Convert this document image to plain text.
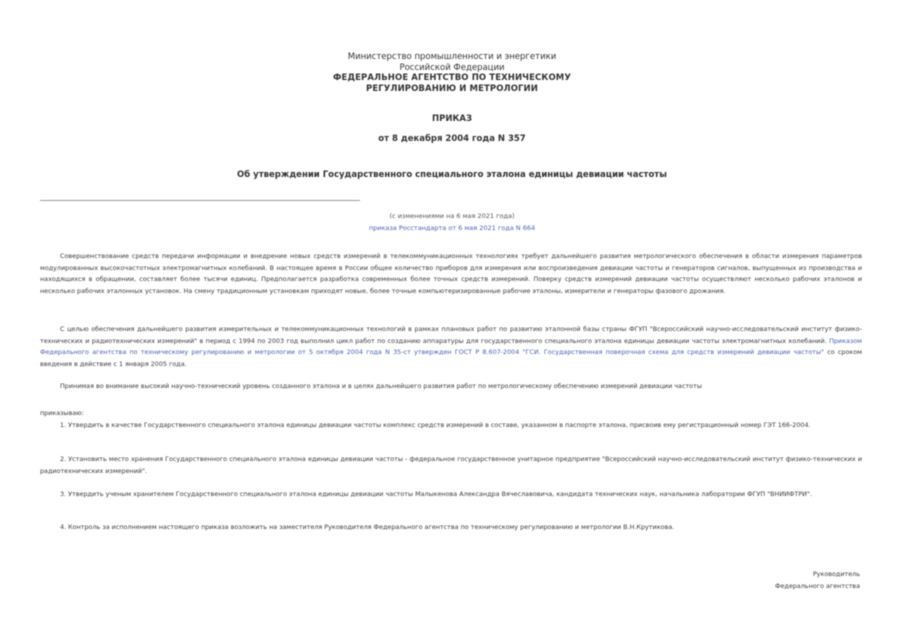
Министерство промышленности и энергетики
Российской Федерации
ФЕДЕРАЛЬНОЕ АГЕНТСТВО ПО ТЕХНИЧЕСКОМУ
РЕГУЛИРОВАНИЮ И МЕТРОЛОГИИ
ПРИКАЗ
от 8 декабря 2004 года N 357
Об утверждении Государственного специального эталона единицы девиации частоты
(с изменениями на 6 мая 2021 года)
приказа Росстандарта от 6 мая 2021 года N 664

Совершенствование средств передачи информации и внедрение новых средств измерений в телекоммуникационных технологиях требует дальнейшего развития метрологического обеспечения в области измерения параметров модулированных высокочастотных электромагнитных колебаний. В настоящее время в России общее количество приборов для измерения или воспроизведения девиации частоты и генераторов сигналов, выпущенных из производства и находящихся в обращении, составляет более тысячи единиц. Предполагается разработка современных более точных средств измерений. Поверку средств измерений девиации частоты осуществляют несколько рабочих эталонов и несколько рабочих эталонных установок. На смену традиционным установкам приходят новые, более точные компьютеризированные рабочие эталоны, измерители и генераторы фазового дрожания.

С целью обеспечения дальнейшего развития измерительных и телекоммуникационных технологий в рамках плановых работ по развитию эталонной базы страны ФГУП "Всероссийский научно-исследовательский институт физико-технических и радиотехнических измерений" в период с 1994 по 2003 год выполнил цикл работ по созданию аппаратуры для государственного специального эталона единицы девиации частоты электромагнитных колебаний. Приказом Федерального агентства по техническому регулированию и метрологии от 5 октября 2004 года N 35-ст утвержден ГОСТ Р 8.607-2004 "ГСИ. Государственная поверочная схема для средств измерений девиации частоты" со сроком введения в действие с 1 января 2005 года.

Принимая во внимание высокий научно-технический уровень созданного эталона и в целях дальнейшего развития работ по метрологическому обеспечению измерений девиации частоты

приказываю:

1. Утвердить в качестве Государственного специального эталона единицы девиации частоты комплекс средств измерений в составе, указанном в паспорте эталона, присвоив ему регистрационный номер ГЭТ 166-2004.

2. Установить место хранения Государственного специального эталона единицы девиации частоты - федеральное государственное унитарное предприятие "Всероссийский научно-исследовательский институт физико-технических и радиотехнических измерений".

3. Утвердить ученым хранителем Государственного специального эталона единицы девиации частоты Малыкенова Александра Вячеславовича, кандидата технических наук, начальника лаборатории ФГУП "ВНИИФТРИ".

4. Контроль за исполнением настоящего приказа возложить на заместителя Руководителя Федерального агентства по техническому регулированию и метрологии В.Н.Крутикова.

Руководитель
Федерального агентства
